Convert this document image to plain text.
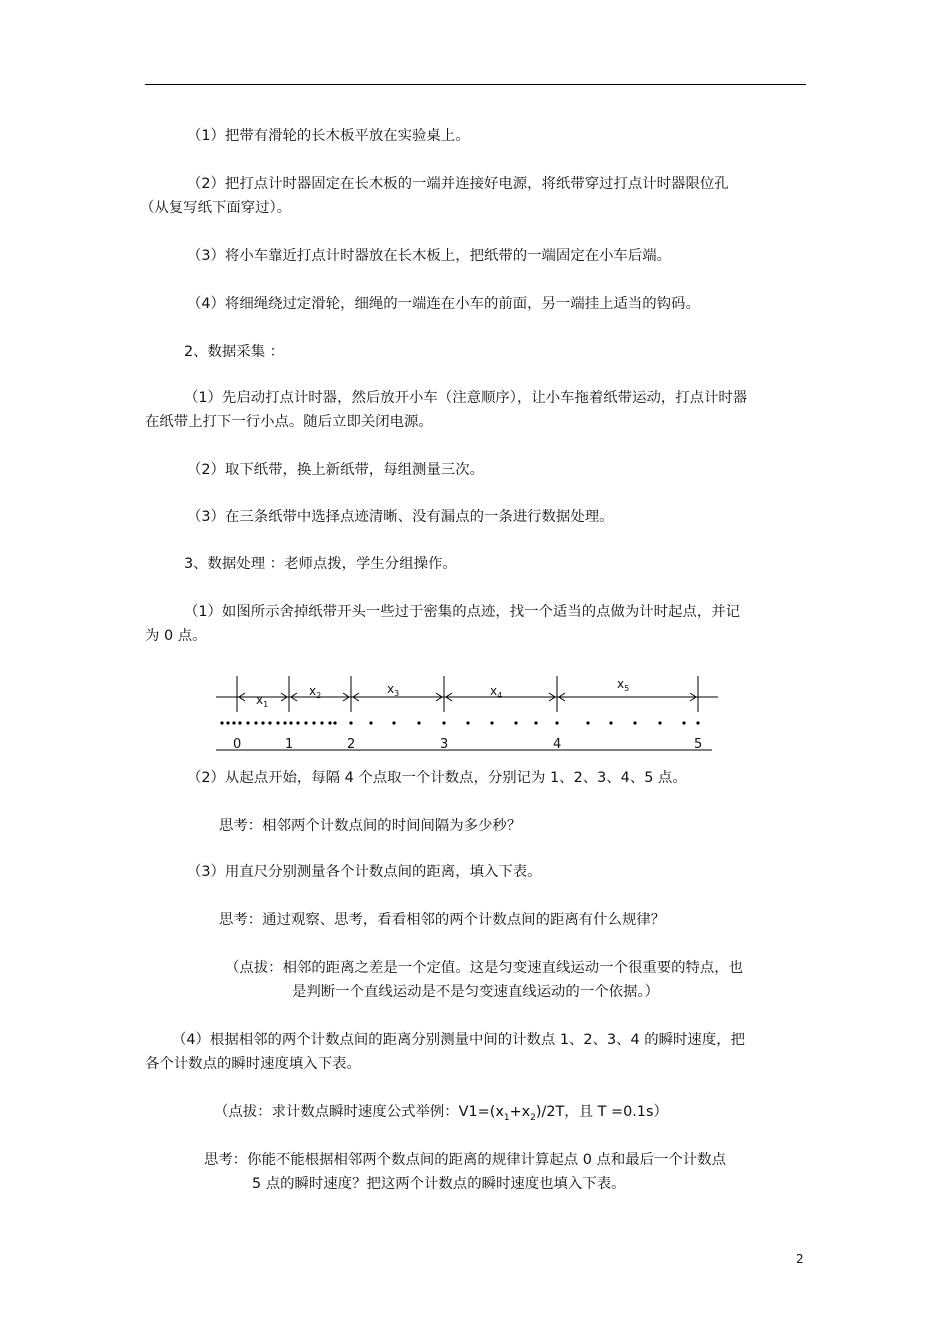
（1）把带有滑轮的长木板平放在实验桌上。

（2）把打点计时器固定在长木板的一端并连接好电源，将纸带穿过打点计时器限位孔

（从复写纸下面穿过）。

（3）将小车靠近打点计时器放在长木板上，把纸带的一端固定在小车后端。

（4）将细绳绕过定滑轮，细绳的一端连在小车的前面，另一端挂上适当的钩码。

2、数据采集 ：

（1）先启动打点计时器，然后放开小车（注意顺序），让小车拖着纸带运动，打点计时器

在纸带上打下一行小点。随后立即关闭电源。

（2）取下纸带，换上新纸带，每组测量三次。

（3）在三条纸带中选择点迹清晰、没有漏点的一条进行数据处理。

3、数据处理 ：老师点拨，学生分组操作。

（1）如图所示舍掉纸带开头一些过于密集的点迹，找一个适当的点做为计时起点，并记

为 0 点。

$x_1$
$x_2$	$x_3$	$x_4$
$x_5$
0	1	2	3	4	5

（2）从起点开始，每隔 4 个点取一个计数点，分别记为 1、2、3、4、5 点。

思考：相邻两个计数点间的时间间隔为多少秒？

（3）用直尺分别测量各个计数点间的距离，填入下表。

思考：通过观察、思考，看看相邻的两个计数点间的距离有什么规律？

（点拔：相邻的距离之差是一个定值。这是匀变速直线运动一个很重要的特点，也

是判断一个直线运动是不是匀变速直线运动的一个依据。）

（4）根据相邻的两个计数点间的距离分别测量中间的计数点 1、2、3、4 的瞬时速度，把

各个计数点的瞬时速度填入下表。

（点拔：求计数点瞬时速度公式举例：$V1=(x_1+x_2)/2T$，且 T =0.1s）

思考：你能不能根据相邻两个数点间的距离的规律计算起点 0 点和最后一个计数点

5 点的瞬时速度？把这两个计数点的瞬时速度也填入下表。

2
